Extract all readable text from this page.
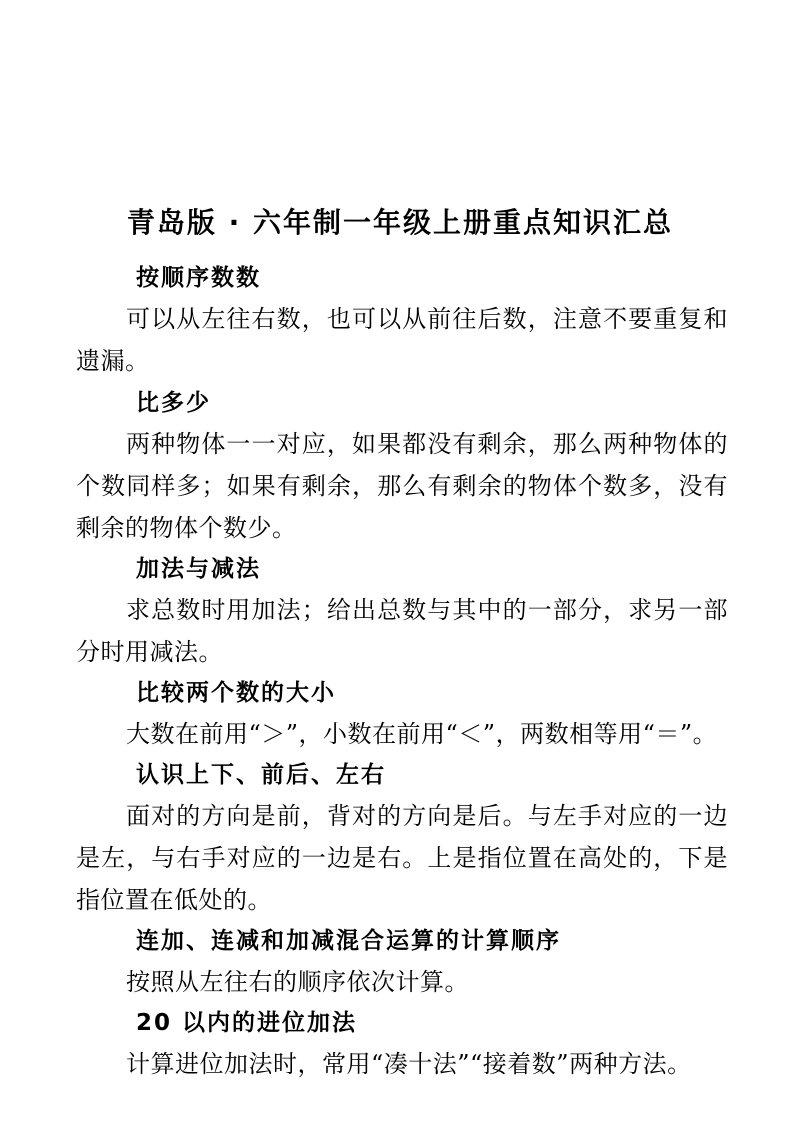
青岛版 · 六年制一年级上册重点知识汇总
按顺序数数

可以从左往右数，也可以从前往后数，注意不要重复和遗漏。

比多少

两种物体一一对应，如果都没有剩余，那么两种物体的个数同样多；如果有剩余，那么有剩余的物体个数多，没有剩余的物体个数少。

加法与减法

求总数时用加法；给出总数与其中的一部分，求另一部分时用减法。

比较两个数的大小

大数在前用“＞”，小数在前用“＜”，两数相等用“＝”。

认识上下、前后、左右

面对的方向是前，背对的方向是后。与左手对应的一边是左，与右手对应的一边是右。上是指位置在高处的，下是指位置在低处的。

连加、连减和加减混合运算的计算顺序

按照从左往右的顺序依次计算。

20 以内的进位加法

计算进位加法时，常用“凑十法”“接着数”两种方法。
